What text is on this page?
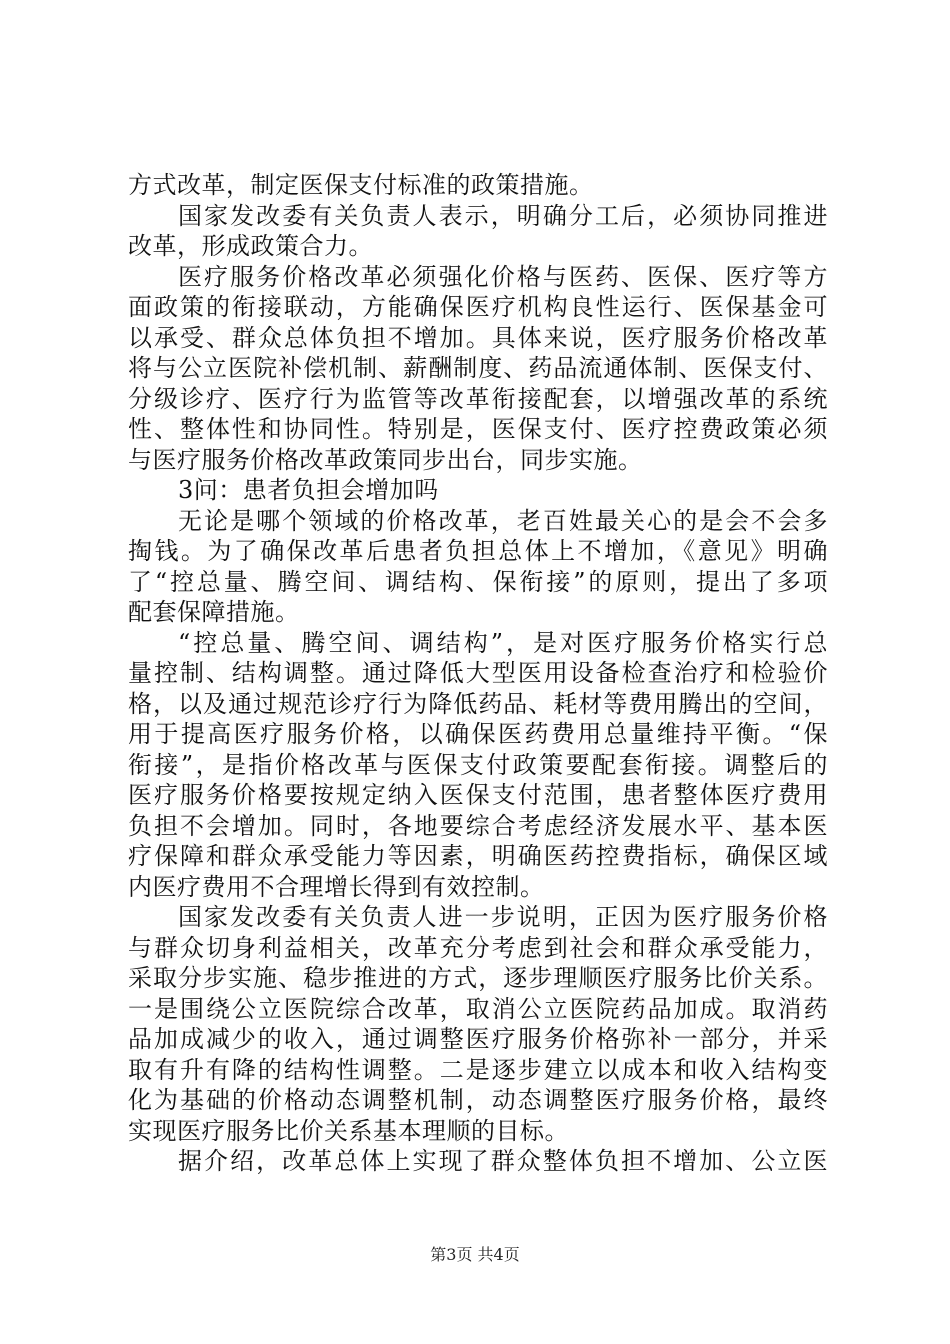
方式改革，制定医保支付标准的政策措施。
国家发改委有关负责人表示，明确分工后，必须协同推进
改革，形成政策合力。
医疗服务价格改革必须强化价格与医药、医保、医疗等方
面政策的衔接联动，方能确保医疗机构良性运行、医保基金可
以承受、群众总体负担不增加。具体来说，医疗服务价格改革
将与公立医院补偿机制、薪酬制度、药品流通体制、医保支付、
分级诊疗、医疗行为监管等改革衔接配套，以增强改革的系统
性、整体性和协同性。特别是，医保支付、医疗控费政策必须
与医疗服务价格改革政策同步出台，同步实施。
3问：患者负担会增加吗
无论是哪个领域的价格改革，老百姓最关心的是会不会多
掏钱。为了确保改革后患者负担总体上不增加，《意见》明确
了“控总量、腾空间、调结构、保衔接”的原则，提出了多项
配套保障措施。
“控总量、腾空间、调结构”，是对医疗服务价格实行总
量控制、结构调整。通过降低大型医用设备检查治疗和检验价
格，以及通过规范诊疗行为降低药品、耗材等费用腾出的空间，
用于提高医疗服务价格，以确保医药费用总量维持平衡。“保
衔接”，是指价格改革与医保支付政策要配套衔接。调整后的
医疗服务价格要按规定纳入医保支付范围，患者整体医疗费用
负担不会增加。同时，各地要综合考虑经济发展水平、基本医
疗保障和群众承受能力等因素，明确医药控费指标，确保区域
内医疗费用不合理增长得到有效控制。
国家发改委有关负责人进一步说明，正因为医疗服务价格
与群众切身利益相关，改革充分考虑到社会和群众承受能力，
采取分步实施、稳步推进的方式，逐步理顺医疗服务比价关系。
一是围绕公立医院综合改革，取消公立医院药品加成。取消药
品加成减少的收入，通过调整医疗服务价格弥补一部分，并采
取有升有降的结构性调整。二是逐步建立以成本和收入结构变
化为基础的价格动态调整机制，动态调整医疗服务价格，最终
实现医疗服务比价关系基本理顺的目标。
据介绍，改革总体上实现了群众整体负担不增加、公立医
第3页 共4页
